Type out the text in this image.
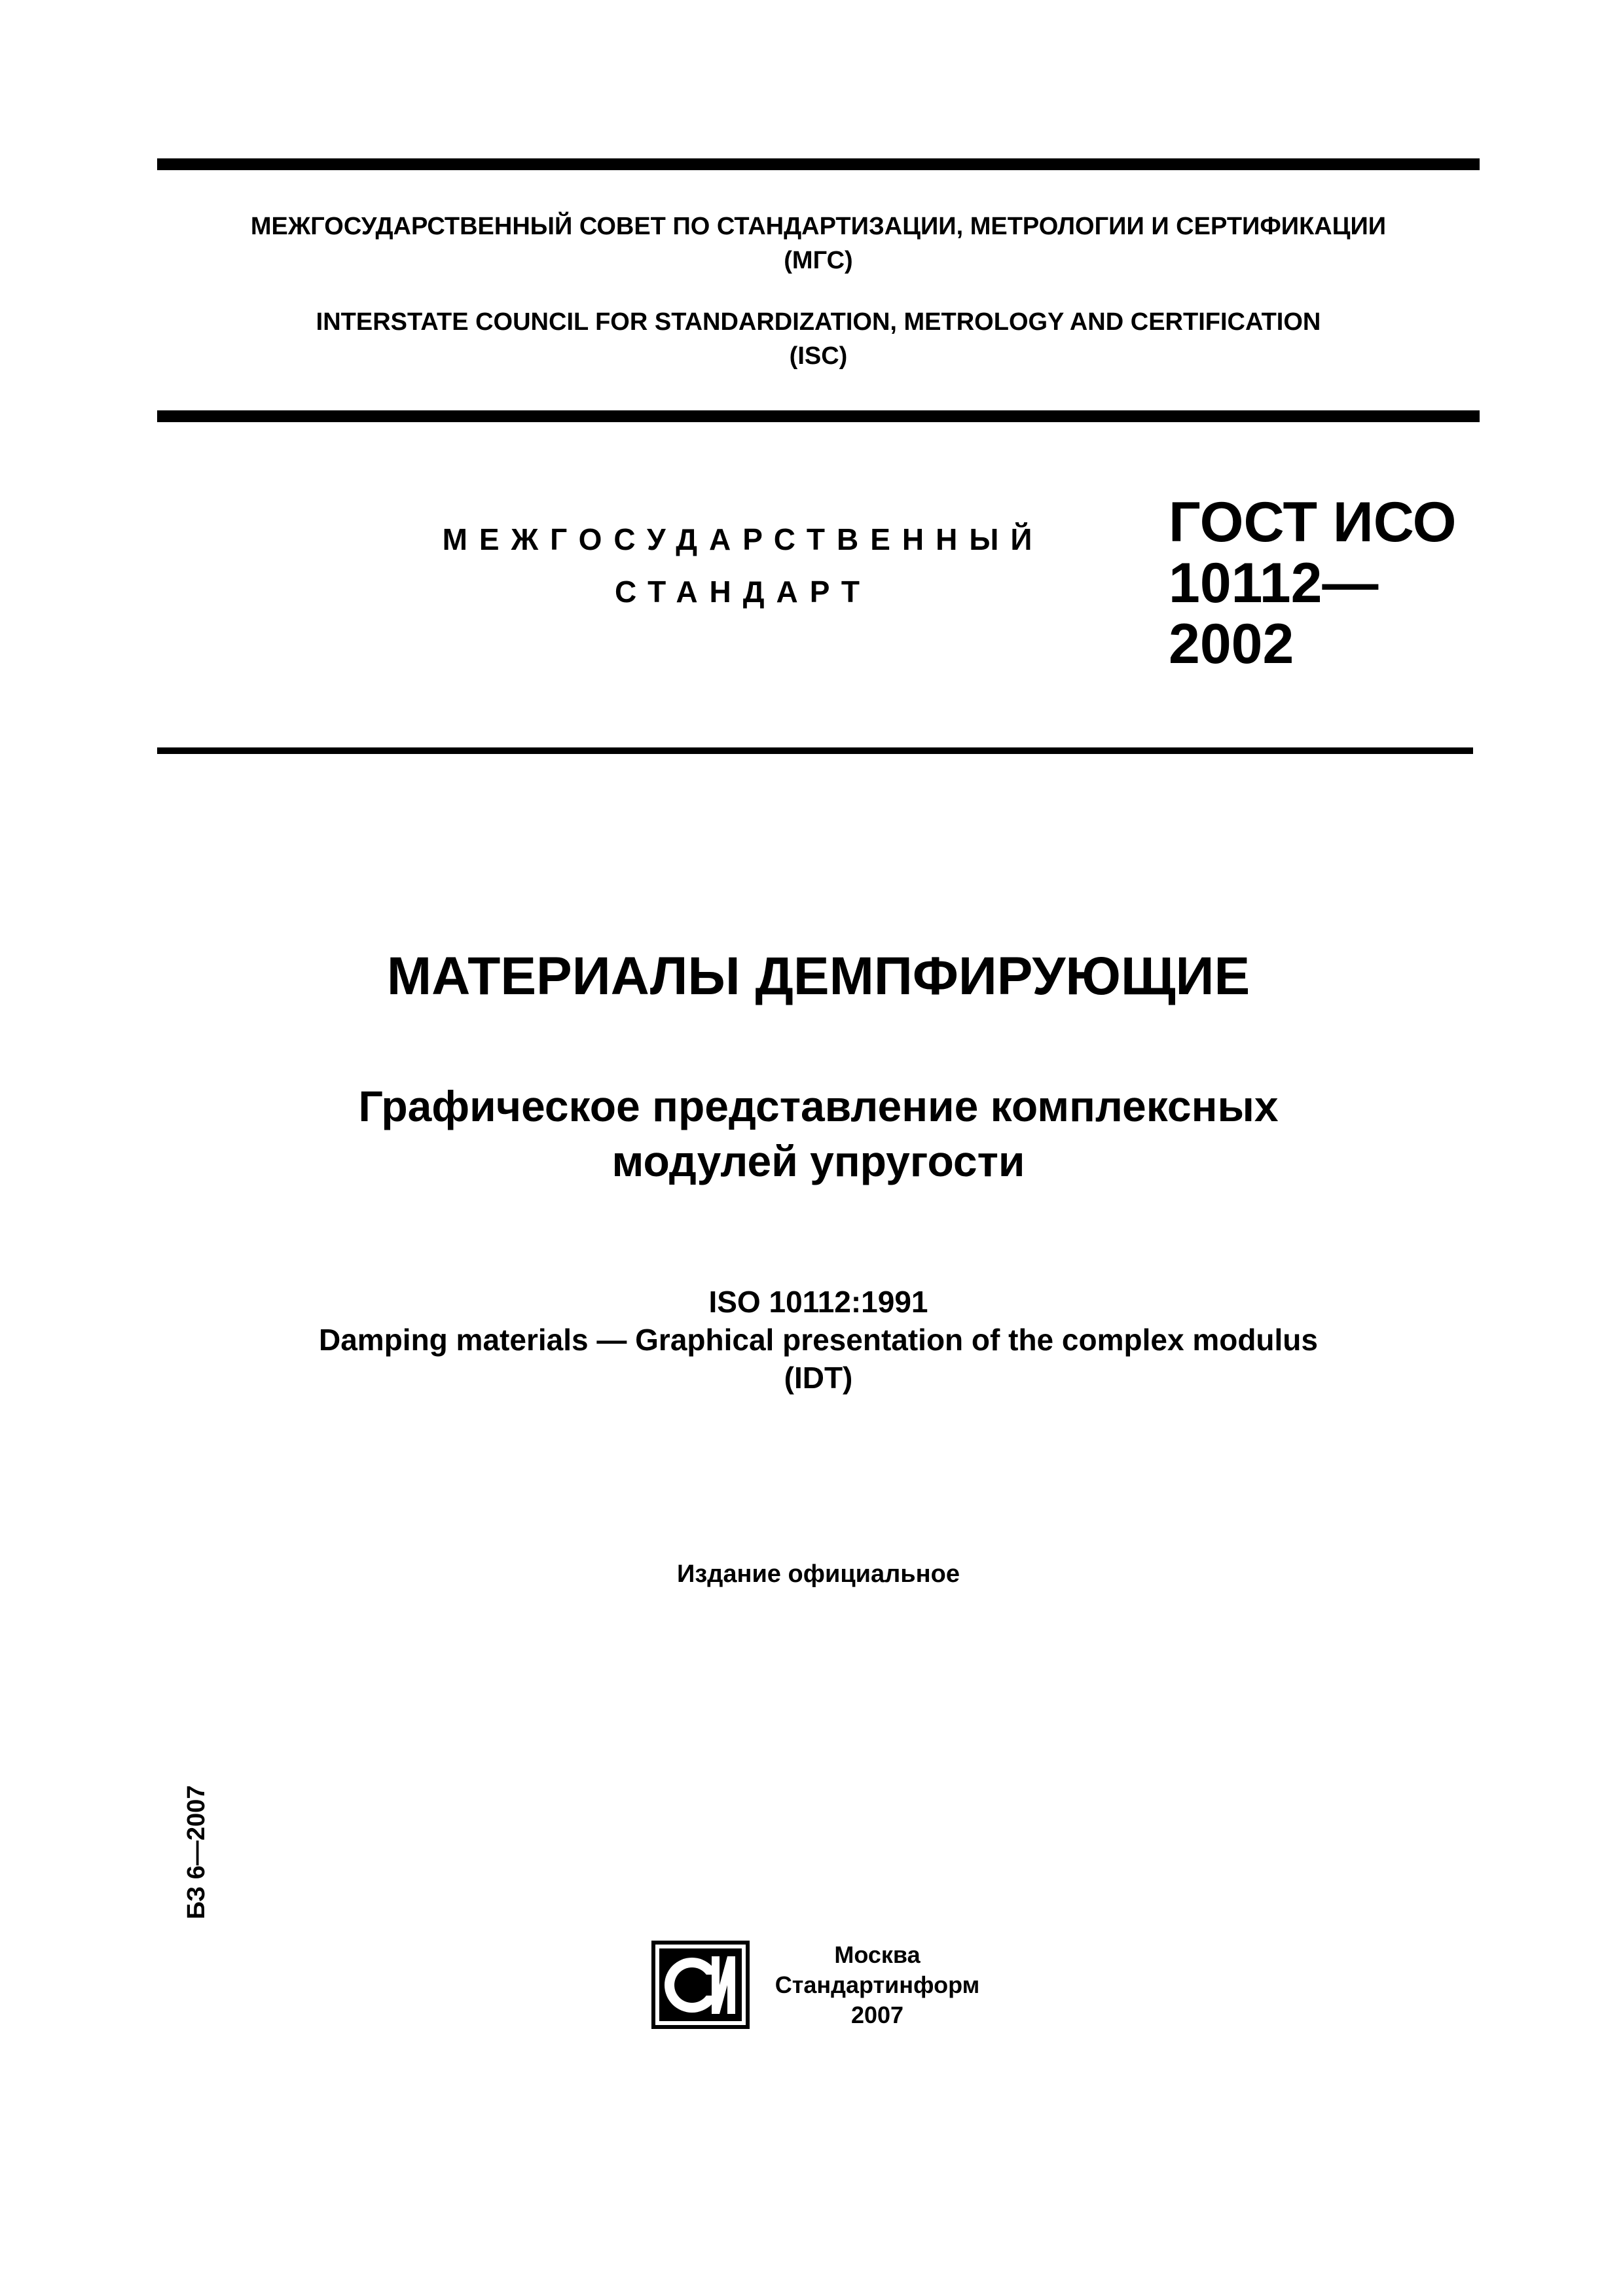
МЕЖГОСУДАРСТВЕННЫЙ СОВЕТ ПО СТАНДАРТИЗАЦИИ, МЕТРОЛОГИИ И СЕРТИФИКАЦИИ
(МГС)
INTERSTATE COUNCIL FOR STANDARDIZATION, METROLOGY AND CERTIFICATION
(ISC)
МЕЖГОСУДАРСТВЕННЫЙ
СТАНДАРТ
ГОСТ ИСО
10112—
2002
МАТЕРИАЛЫ ДЕМПФИРУЮЩИЕ
Графическое представление комплексных
модулей упругости
ISO 10112:1991
Damping materials — Graphical presentation of the complex modulus
(IDT)
Издание официальное
БЗ 6—2007
Москва
Стандартинформ
2007
